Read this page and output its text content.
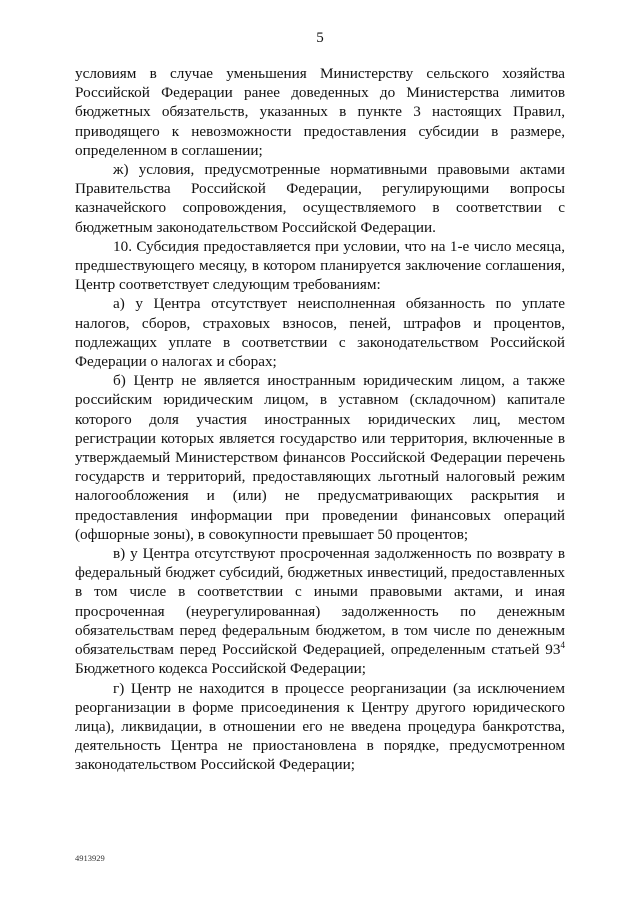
5

условиям в случае уменьшения Министерству сельского хозяйства Российской Федерации ранее доведенных до Министерства лимитов бюджетных обязательств, указанных в пункте 3 настоящих Правил, приводящего к невозможности предоставления субсидии в размере, определенном в соглашении;

ж) условия, предусмотренные нормативными правовыми актами Правительства Российской Федерации, регулирующими вопросы казначейского сопровождения, осуществляемого в соответствии с бюджетным законодательством Российской Федерации.

10. Субсидия предоставляется при условии, что на 1-е число месяца, предшествующего месяцу, в котором планируется заключение соглашения, Центр соответствует следующим требованиям:

а) у Центра отсутствует неисполненная обязанность по уплате налогов, сборов, страховых взносов, пеней, штрафов и процентов, подлежащих уплате в соответствии с законодательством Российской Федерации о налогах и сборах;

б) Центр не является иностранным юридическим лицом, а также российским юридическим лицом, в уставном (складочном) капитале которого доля участия иностранных юридических лиц, местом регистрации которых является государство или территория, включенные в утверждаемый Министерством финансов Российской Федерации перечень государств и территорий, предоставляющих льготный налоговый режим налогообложения и (или) не предусматривающих раскрытия и предоставления информации при проведении финансовых операций (офшорные зоны), в совокупности превышает 50 процентов;

в) у Центра отсутствуют просроченная задолженность по возврату в федеральный бюджет субсидий, бюджетных инвестиций, предоставленных в том числе в соответствии с иными правовыми актами, и иная просроченная (неурегулированная) задолженность по денежным обязательствам перед федеральным бюджетом, в том числе по денежным обязательствам перед Российской Федерацией, определенным статьей $93^4$ Бюджетного кодекса Российской Федерации;

г) Центр не находится в процессе реорганизации (за исключением реорганизации в форме присоединения к Центру другого юридического лица), ликвидации, в отношении его не введена процедура банкротства, деятельность Центра не приостановлена в порядке, предусмотренном законодательством Российской Федерации;

4913929
